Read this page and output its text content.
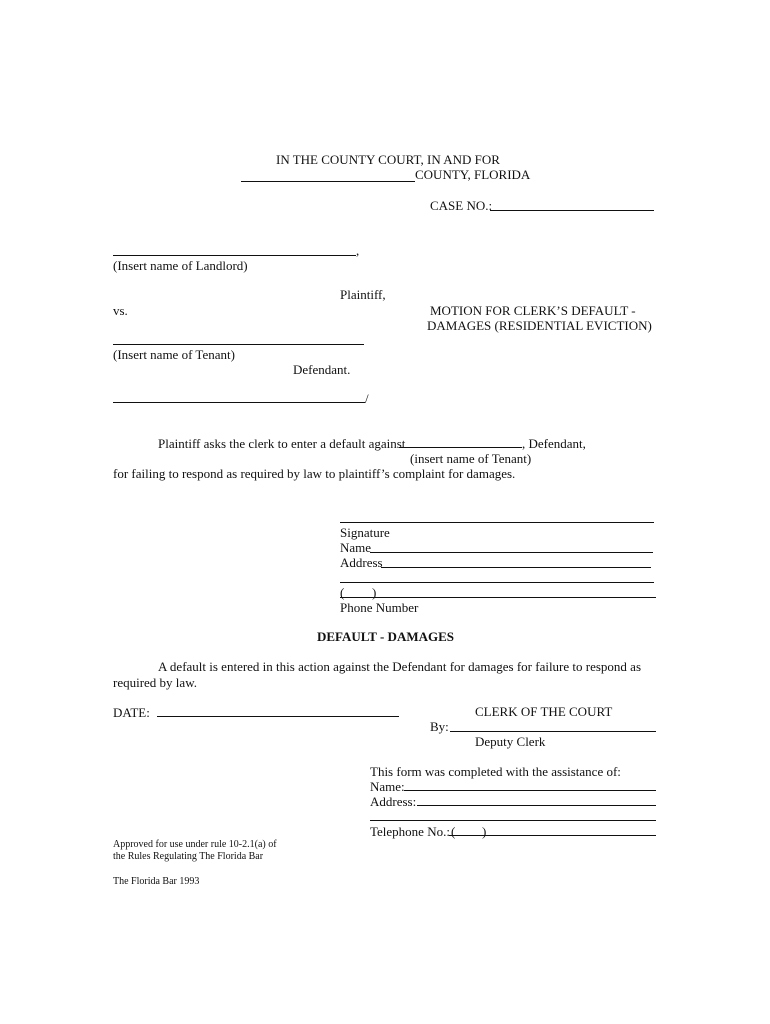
IN THE COUNTY COURT, IN AND FOR
COUNTY, FLORIDA
CASE NO.:
,
(Insert name of Landlord)
Plaintiff,
vs.	MOTION FOR CLERK’S DEFAULT -
DAMAGES (RESIDENTIAL EVICTION)
(Insert name of Tenant)
Defendant.
/
Plaintiff asks the clerk to enter a default against	, Defendant,
(insert name of Tenant)
for failing to respond as required by law to plaintiff’s complaint for damages.
Signature
Name
Address
( )
Phone Number
DEFAULT - DAMAGES
A default is entered in this action against the Defendant for damages for failure to respond as
required by law.
DATE:	CLERK OF THE COURT
By:
Deputy Clerk
This form was completed with the assistance of:
Name:
Address:
Telephone No.: ( )
Approved for use under rule 10-2.1(a) of
the Rules Regulating The Florida Bar
The Florida Bar 1993
